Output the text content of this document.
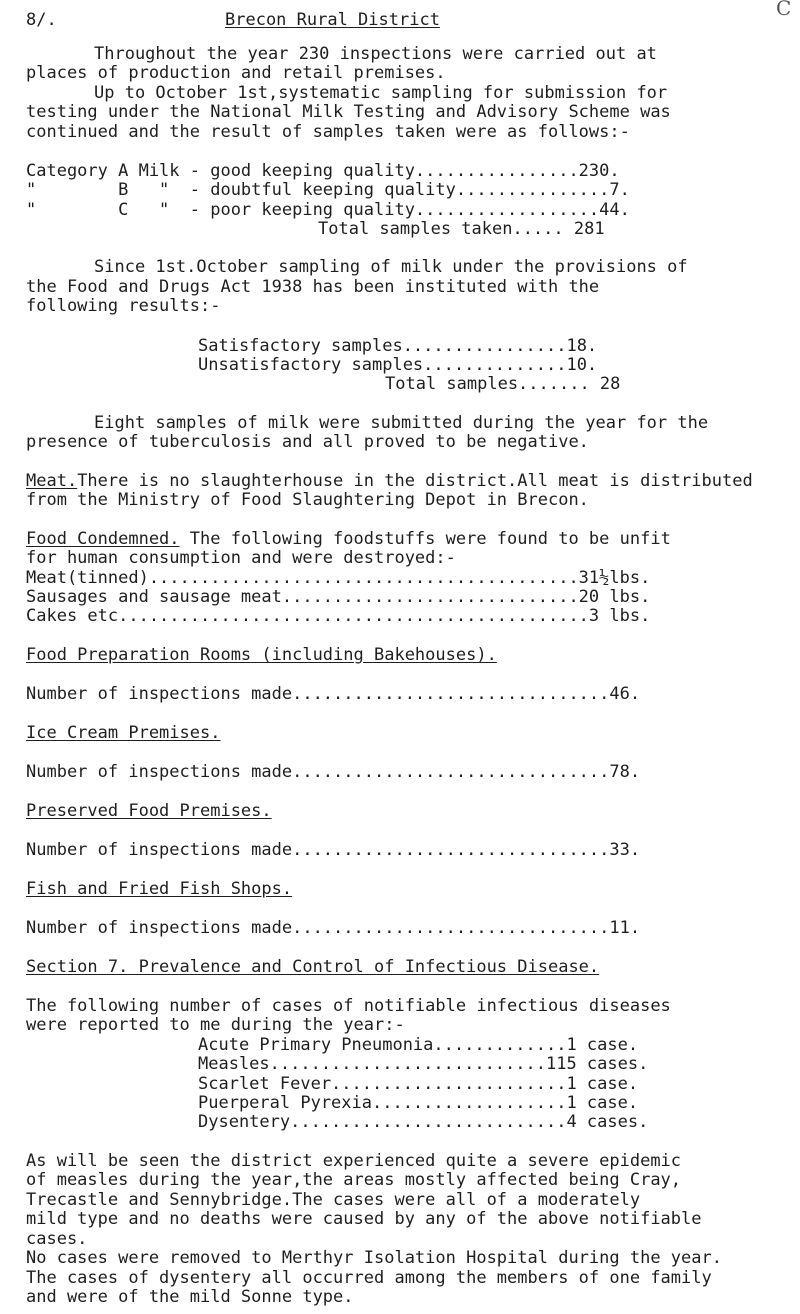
8/.	Brecon Rural District	C
Throughout the year 230 inspections were carried out at
places of production and retail premises.
Up to October 1st,systematic sampling for submission for
testing under the National Milk Testing and Advisory Scheme was
continued and the result of samples taken were as follows:-
Category A Milk - good keeping quality................230.
"        B   "  - doubtful keeping quality...............7.
"        C   "  - poor keeping quality..................44.
Total samples taken..... 281
Since 1st.October sampling of milk under the provisions of
the Food and Drugs Act 1938 has been instituted with the
following results:-
Satisfactory samples................18.
Unsatisfactory samples..............10.
Total samples....... 28
Eight samples of milk were submitted during the year for the
presence of tuberculosis and all proved to be negative.
Meat.There is no slaughterhouse in the district.All meat is distributed
from the Ministry of Food Slaughtering Depot in Brecon.
Food Condemned. The following foodstuffs were found to be unfit
for human consumption and were destroyed:-
Meat(tinned)..........................................31½lbs.
Sausages and sausage meat.............................20 lbs.
Cakes etc..............................................3 lbs.
Food Preparation Rooms (including Bakehouses).
Number of inspections made...............................46.
Ice Cream Premises.
Number of inspections made...............................78.
Preserved Food Premises.
Number of inspections made...............................33.
Fish and Fried Fish Shops.
Number of inspections made...............................11.
Section 7. Prevalence and Control of Infectious Disease.
The following number of cases of notifiable infectious diseases
were reported to me during the year:-
Acute Primary Pneumonia.............1 case.
Measles...........................115 cases.
Scarlet Fever.......................1 case.
Puerperal Pyrexia...................1 case.
Dysentery...........................4 cases.
As will be seen the district experienced quite a severe epidemic
of measles during the year,the areas mostly affected being Cray,
Trecastle and Sennybridge.The cases were all of a moderately
mild type and no deaths were caused by any of the above notifiable
cases.
No cases were removed to Merthyr Isolation Hospital during the year.
The cases of dysentery all occurred among the members of one family
and were of the mild Sonne type.
